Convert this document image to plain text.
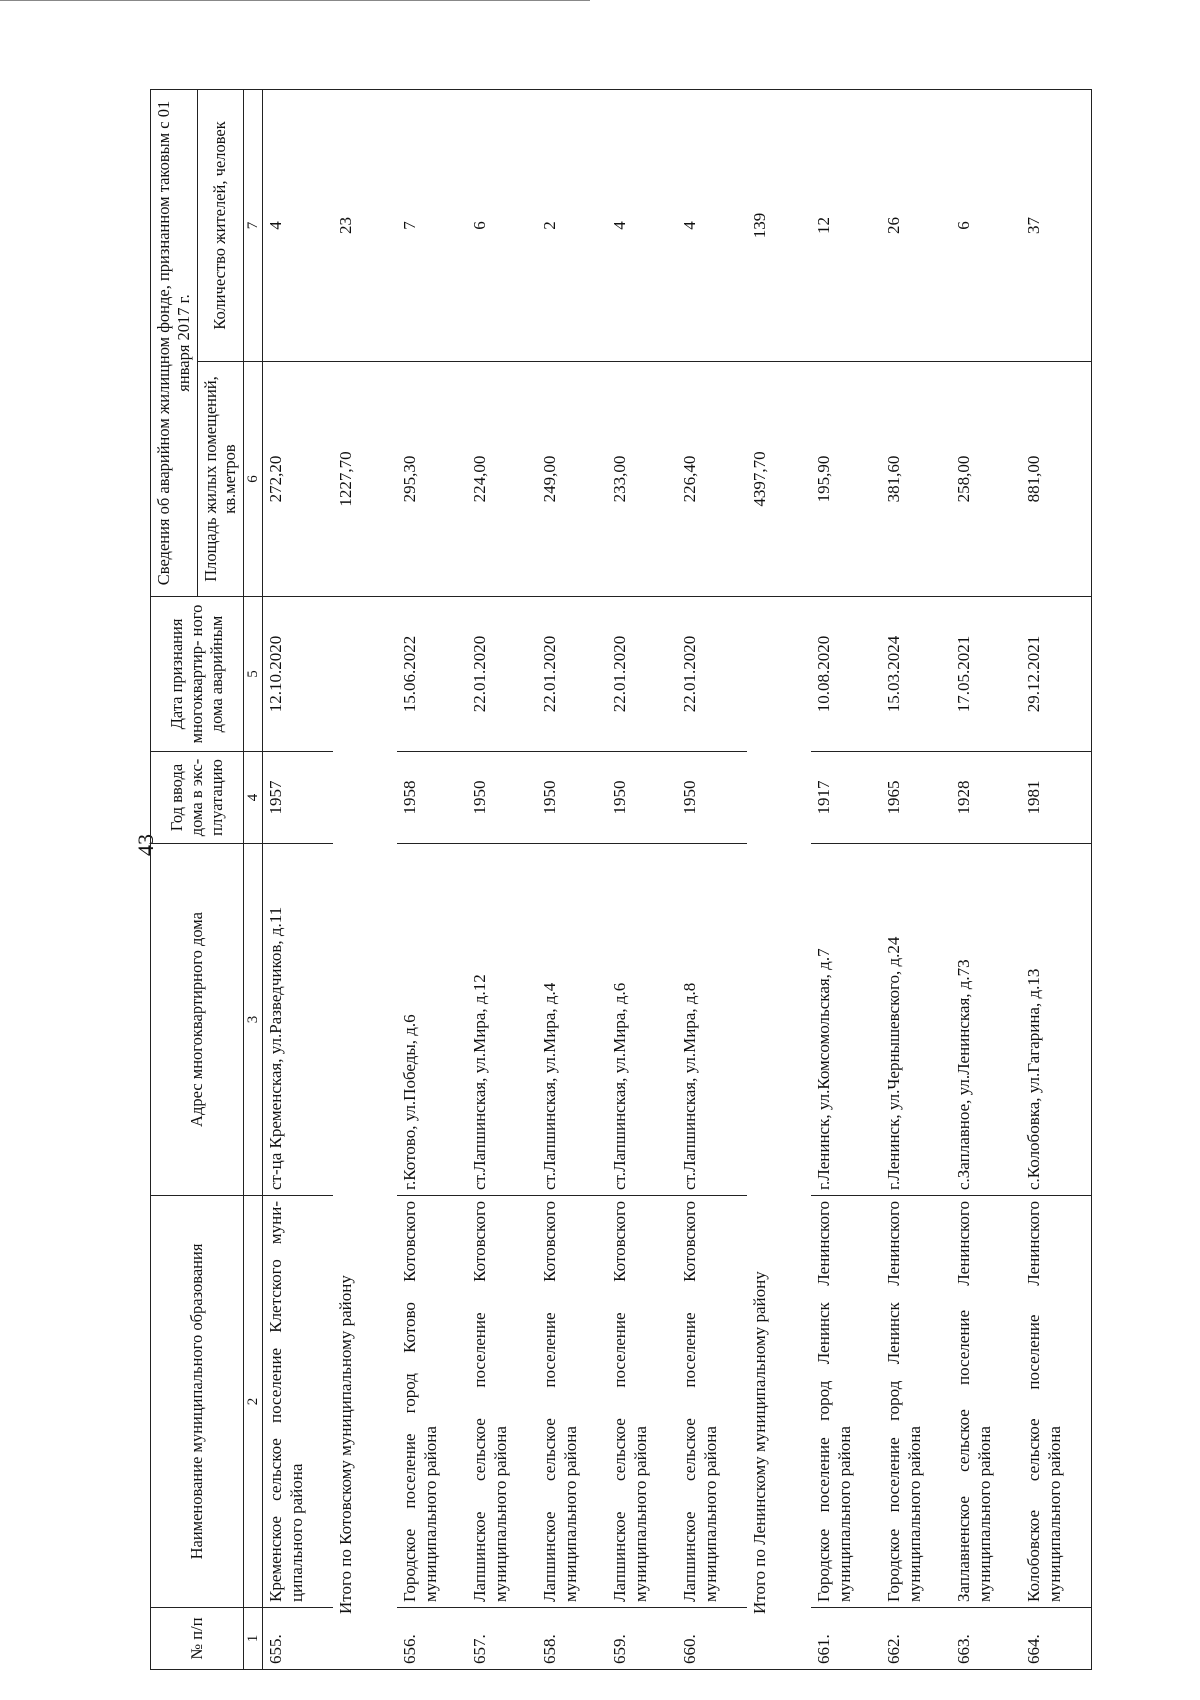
43
№ п/п	Наименование муниципального образования	Адрес многоквартирного дома	Год ввода дома в экс- плуатацию	Дата признания многоквартир- ного дома аварийным	Сведения об аварийном жилищном фонде, признанном таковым с 01 января 2017 г.	
					Площадь жилых помещений, кв.метров	Количество жителей, человек
1	2	3	4	5	6	7
655.	Кременское сельское поселение Клетского муни- ципального района	ст-ца Кременская, ул.Разведчиков, д.11	1957	12.10.2020	272,20	4
Итого по Котовскому муниципальному району					1227,70	23
656.	Городское поселение город Котово Котовского муниципального района	г.Котово, ул.Победы, д.6	1958	15.06.2022	295,30	7
657.	Лапшинское сельское поселение Котовского муниципального района	ст.Лапшинская, ул.Мира, д.12	1950	22.01.2020	224,00	6
658.	Лапшинское сельское поселение Котовского муниципального района	ст.Лапшинская, ул.Мира, д.4	1950	22.01.2020	249,00	2
659.	Лапшинское сельское поселение Котовского муниципального района	ст.Лапшинская, ул.Мира, д.6	1950	22.01.2020	233,00	4
660.	Лапшинское сельское поселение Котовского муниципального района	ст.Лапшинская, ул.Мира, д.8	1950	22.01.2020	226,40	4
Итого по Ленинскому муниципальному району					4397,70	139
661.	Городское поселение город Ленинск Ленинского муниципального района	г.Ленинск, ул.Комсомольская, д.7	1917	10.08.2020	195,90	12
662.	Городское поселение город Ленинск Ленинского муниципального района	г.Ленинск, ул.Чернышевского, д.24	1965	15.03.2024	381,60	26
663.	Заплавненское сельское поселение Ленинского муниципального района	с.Заплавное, ул.Ленинская, д.73	1928	17.05.2021	258,00	6
664.	Колобовское сельское поселение Ленинского муниципального района	с.Колобовка, ул.Гагарина, д.13	1981	29.12.2021	881,00	37
